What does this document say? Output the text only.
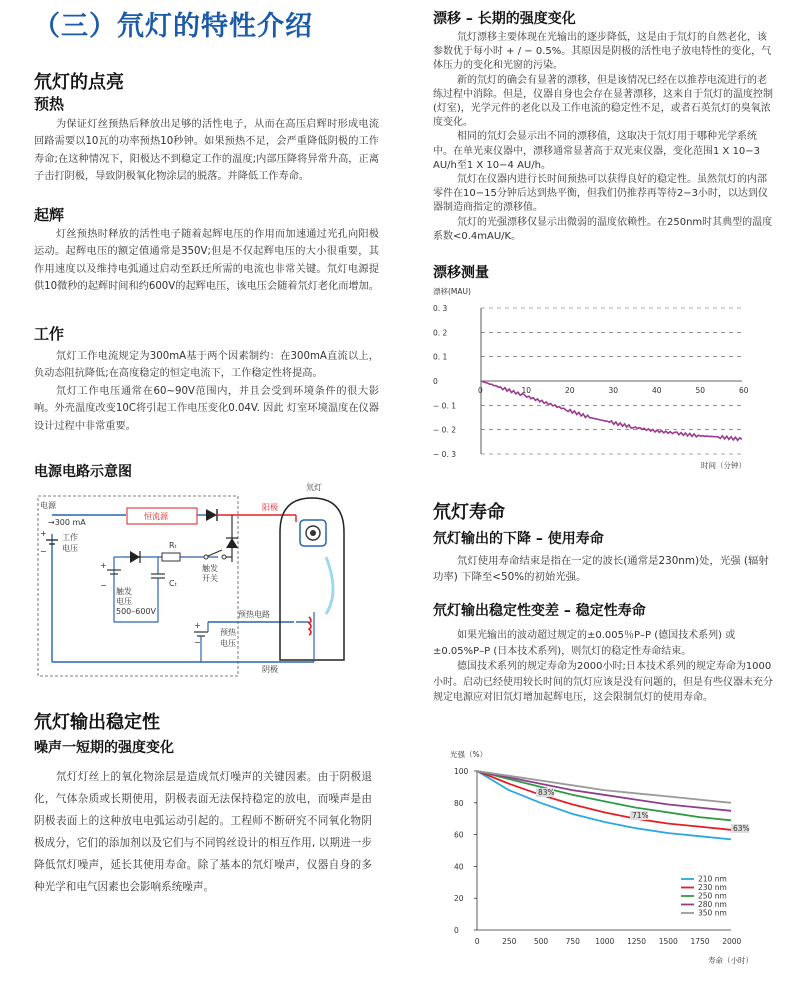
（三）氘灯的特性介绍
氘灯的点亮
预热

为保证灯丝预热后释放出足够的活性电子，从而在高压启辉时形成电流回路需要以10瓦的功率预热10秒钟。如果预热不足，会严重降低阴极的工作寿命;在这种情况下，阳极达不到稳定工作的温度;内部压降将异常升高，正离子击打阴极，导致阴极氧化物涂层的脱落。并降低工作寿命。

起辉

灯丝预热时释放的活性电子随着起辉电压的作用而加速通过光孔向阳极运动。起辉电压的额定值通常是350V;但是不仅起辉电压的大小很重要，其作用速度以及维持电弧通过启动至跃迁所需的电流也非常关键。氘灯电源提供10微秒的起辉时间和约600V的起辉电压，该电压会随着氘灯老化而增加。

工作

氘灯工作电流规定为300mA基于两个因素制约：在300mA直流以上，负动态阻抗降低;在高度稳定的恒定电流下，工作稳定性将提高。

氘灯工作电压通常在60~90V范围内，并且会受到环境条件的很大影响。外壳温度改变10C将引起工作电压变化0.04V. 因此 灯室环境温度在仪器设计过程中非常重要。

电源电路示意图
电源
→300 mA
+
−
工作
电压
恒流源
阳极
Rₜ
触发
开关
+
−
触发
电压
500–600V
Cₜ
预热电路
+
−
预热
电压
阴极
氘灯
氘灯输出稳定性
噪声一短期的强度变化

氘灯灯丝上的氧化物涂层是造成氘灯噪声的关键因素。由于阴极退化，气体杂质或长期使用，阴极表面无法保持稳定的放电，而噪声是由阴极表面上的这种放电电弧运动引起的。工程师不断研究不同氧化物阴极成分，它们的添加剂以及它们与不同钨丝设计的相互作用, 以期进一步降低氘灯噪声，延长其使用寿命。除了基本的氘灯噪声，仪器自身的多种光学和电气因素也会影响系统噪声。

漂移 – 长期的强度变化

氘灯漂移主要体现在光输出的逐步降低，这是由于氘灯的自然老化，该参数优于每小时 + / − 0.5%。其原因是阴极的活性电子放电特性的变化，气体压力的变化和光窗的污染。

新的氘灯的确会有显著的漂移，但是该情况已经在以推荐电流进行的老练过程中消除。但是，仪器自身也会存在显著漂移，这来自于氘灯的温度控制 (灯室)，光学元件的老化以及工作电流的稳定性不足，或者石英氘灯的臭氧浓度变化。

相同的氘灯会显示出不同的漂移值，这取决于氘灯用于哪种光学系统中。在单光束仪器中，漂移通常显著高于双光束仪器，变化范围1 X 10−3 AU/h至1 X 10−4 AU/h。

氘灯在仪器内进行长时间预热可以获得良好的稳定性。虽然氘灯的内部零件在10−15分钟后达到热平衡，但我们仍推荐再等待2−3小时，以达到仪器制造商指定的漂移值。

氘灯的光强漂移仅显示出微弱的温度依赖性。在250nm时其典型的温度系数<0.4mAU/K。

漂移测量
漂移(MAU)
时间（分钟）
0. 3
0. 2
0. 1
0
− 0. 1
− 0. 2
− 0. 3
0	10	20	30	40	50	60
氘灯寿命
氘灯输出的下降 – 使用寿命

氘灯使用寿命结束是指在一定的波长(通常是230nm)处，光强 (辐射功率) 下降至<50%的初始光强。

氘灯输出稳定性变差 – 稳定性寿命

如果光输出的波动超过规定的±0.005％P–P (德国技术系列) 或±0.05%P–P (日本技术系列)，则氘灯的稳定性寿命结束。

德国技术系列的规定寿命为2000小时;日本技术系列的规定寿命为1000小时。启动已经使用较长时间的氘灯应该是没有问题的，但是有些仪器未充分规定电源应对旧氘灯增加起辉电压，这会限制氘灯的使用寿命。

光强（%）
寿命（小时）
0
20
40
60
80
100
0	250 500 750 1000 1250 1500 1750 2000
210 nm
230 nm
250 nm
280 nm
350 nm
83%
71%
63%
